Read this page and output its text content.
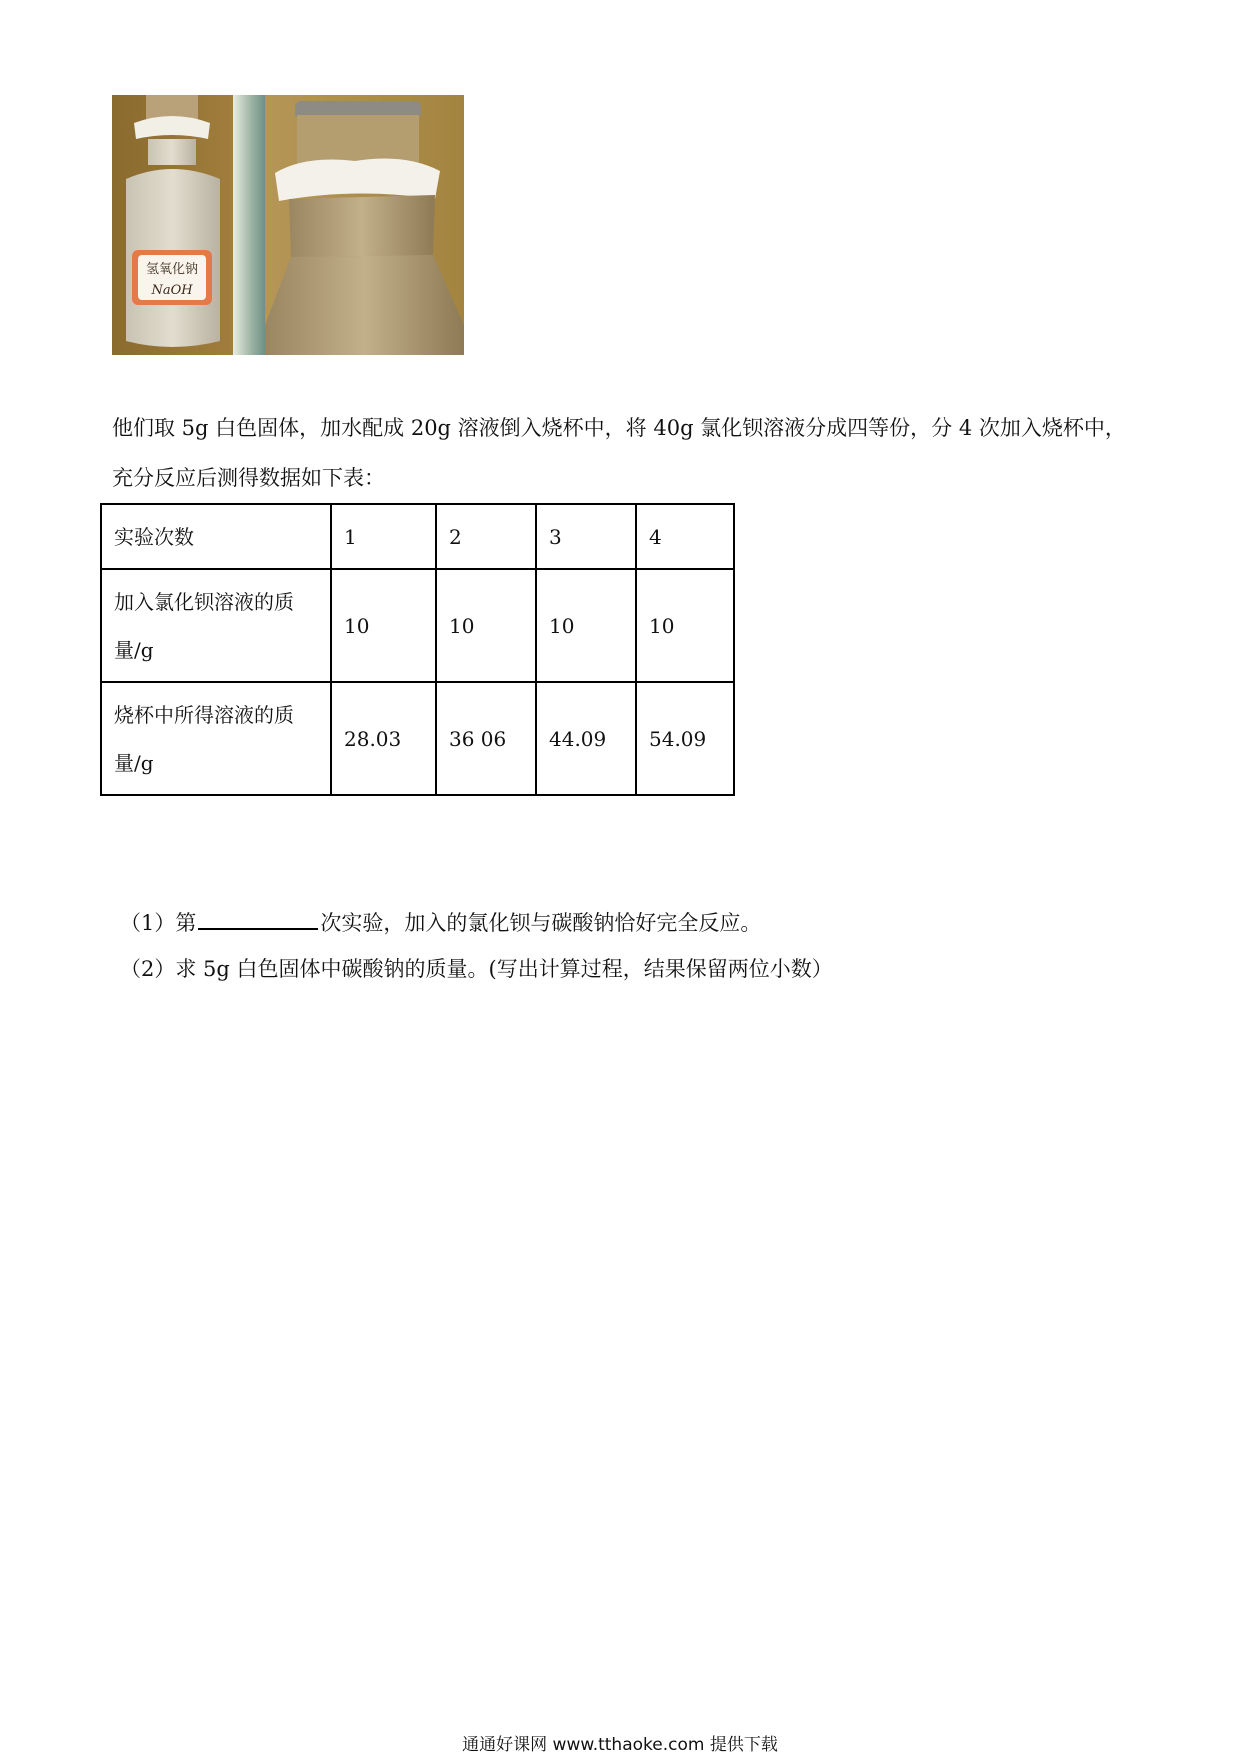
氢氧化钠
NaOH
他们取 5g 白色固体，加水配成 20g 溶液倒入烧杯中，将 40g 氯化钡溶液分成四等份，分 4 次加入烧杯中，
充分反应后测得数据如下表：
实验次数	1	2	3	4

加入氯化钡溶液的质
量/g	10	10	10	10

烧杯中所得溶液的质
量/g	28.03	36 06	44.09	54.09
（1）第	次实验，加入的氯化钡与碳酸钠恰好完全反应。
（2）求 5g 白色固体中碳酸钠的质量。(写出计算过程，结果保留两位小数）
通通好课网 www.tthaoke.com 提供下载
